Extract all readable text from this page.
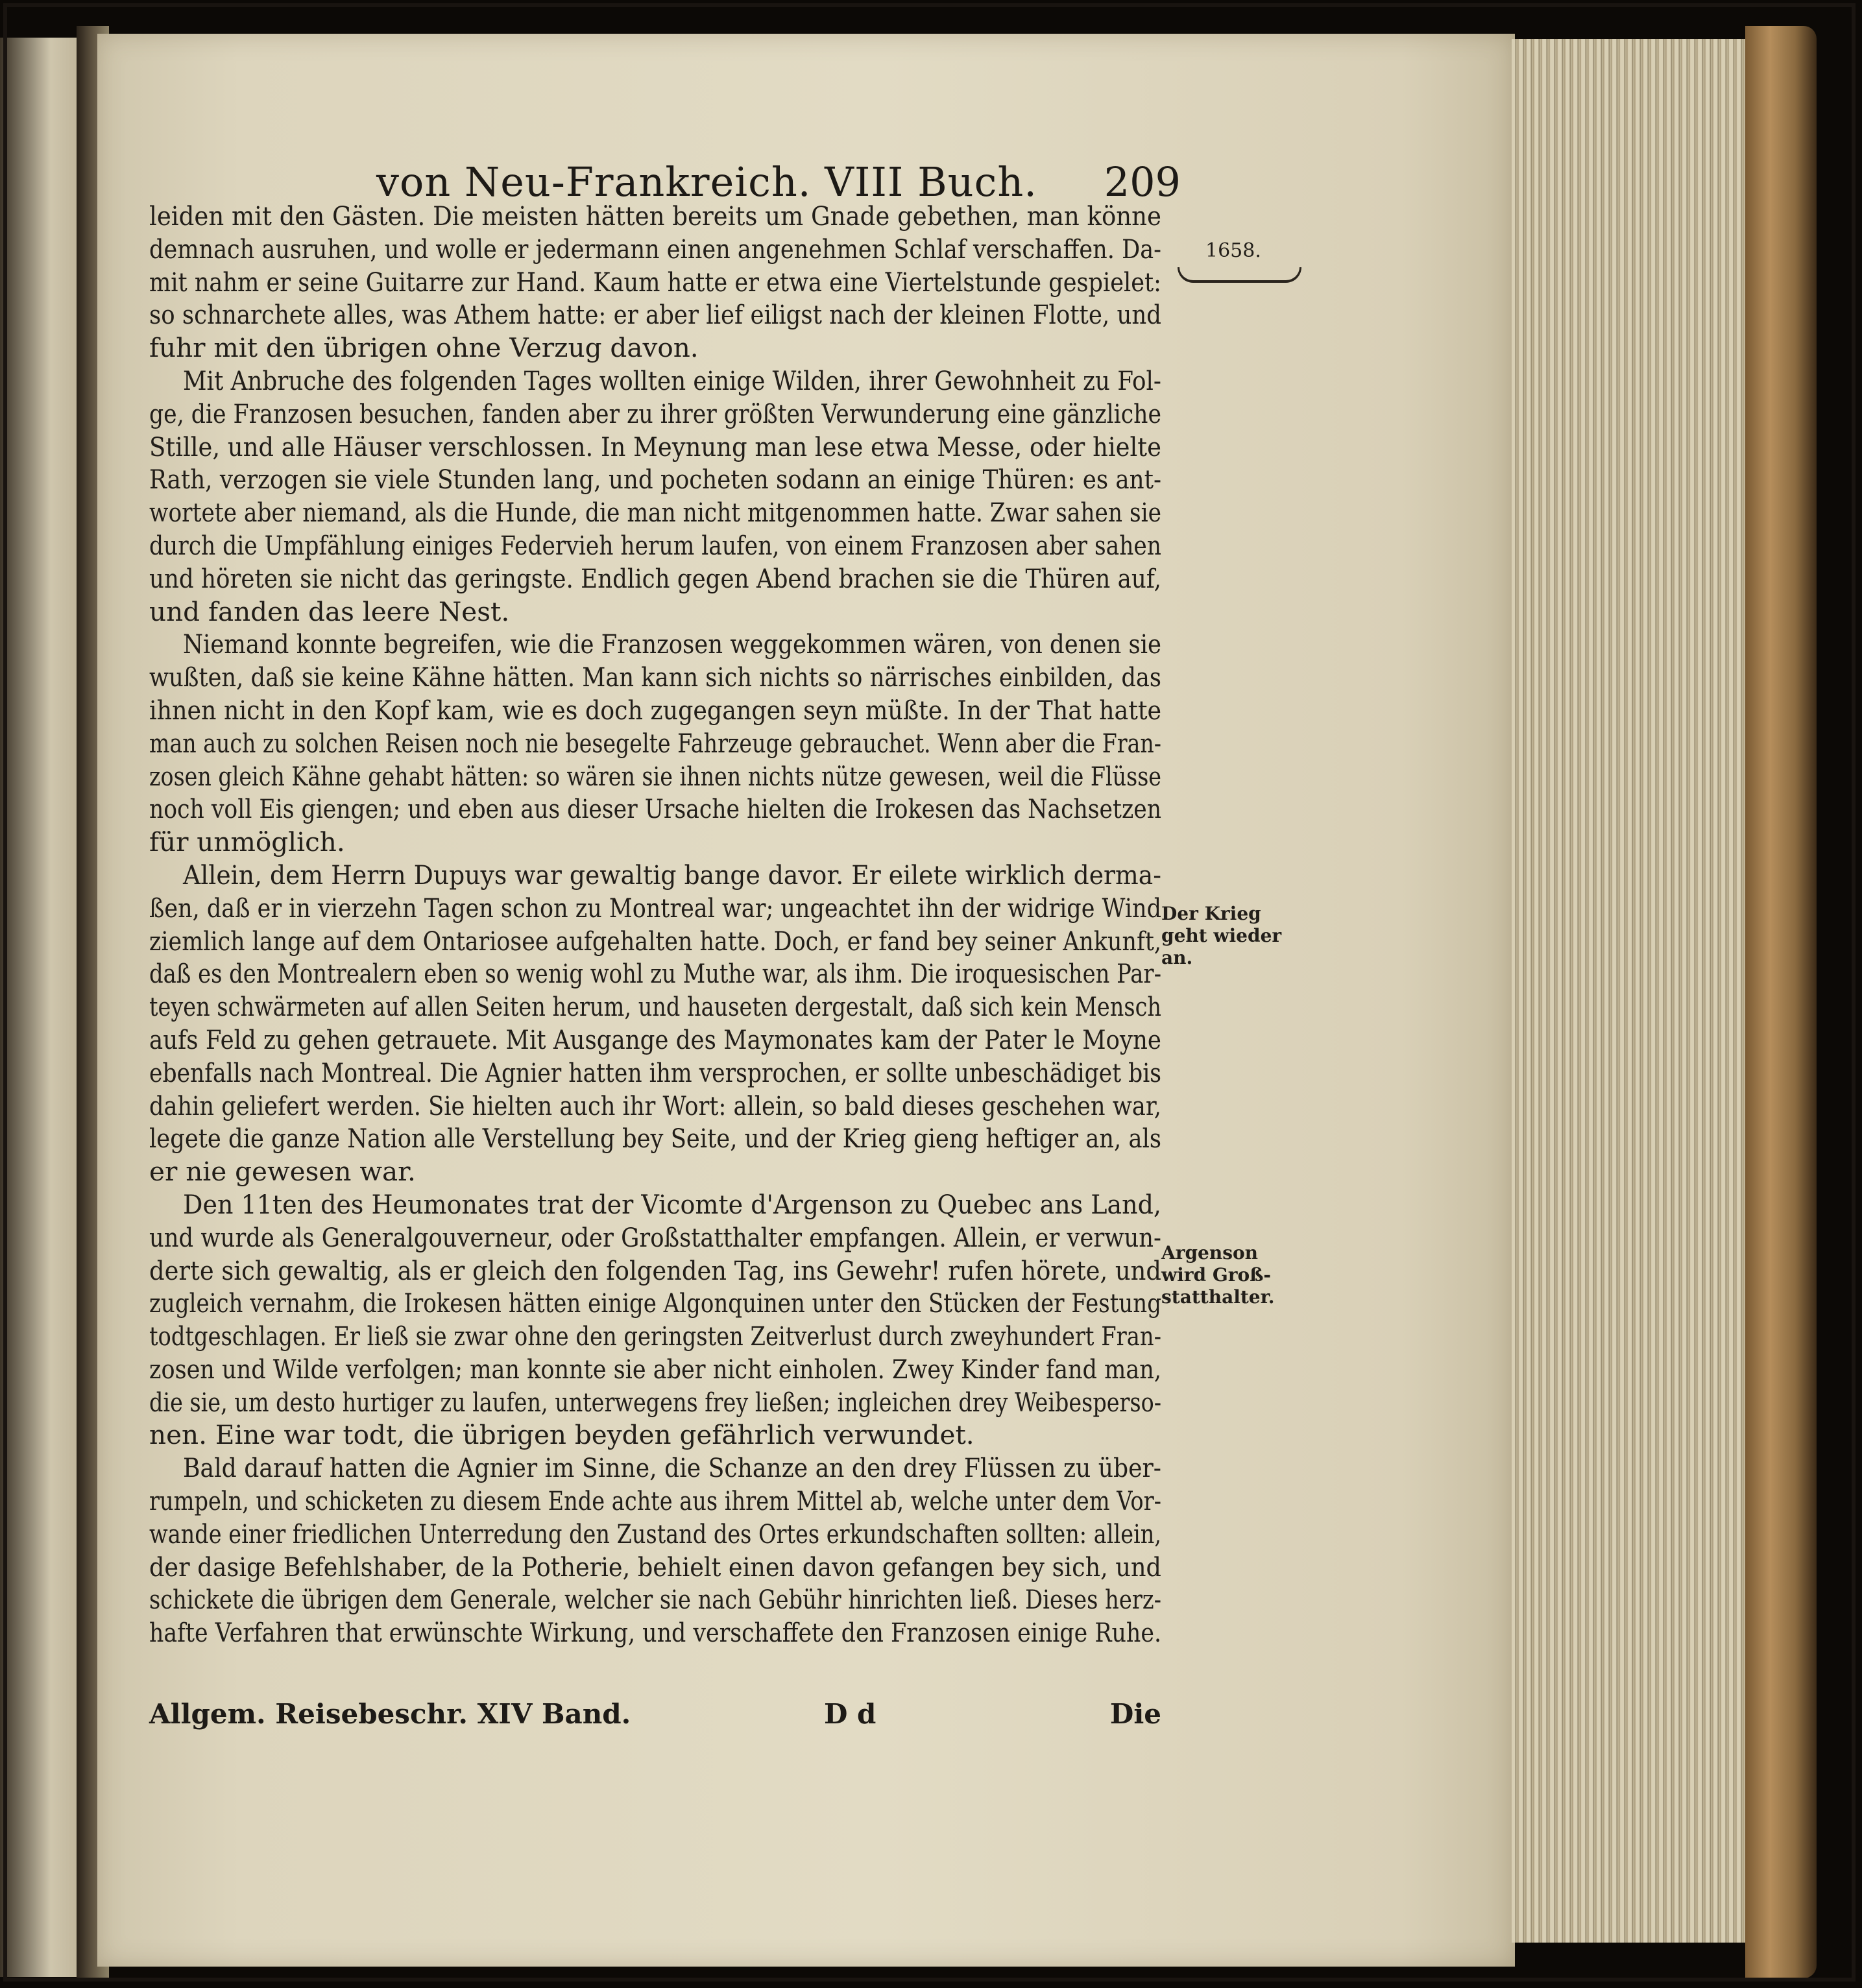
von Neu-Frankreich. VIII Buch. 209
leiden mit den Gästen. Die meisten hätten bereits um Gnade gebethen, man könne
demnach ausruhen, und wolle er jedermann einen angenehmen Schlaf verschaffen. Da-
mit nahm er seine Guitarre zur Hand. Kaum hatte er etwa eine Viertelstunde gespielet:
so schnarchete alles, was Athem hatte: er aber lief eiligst nach der kleinen Flotte, und
fuhr mit den übrigen ohne Verzug davon.
Mit Anbruche des folgenden Tages wollten einige Wilden, ihrer Gewohnheit zu Fol-
ge, die Franzosen besuchen, fanden aber zu ihrer größten Verwunderung eine gänzliche
Stille, und alle Häuser verschlossen. In Meynung man lese etwa Messe, oder hielte
Rath, verzogen sie viele Stunden lang, und pocheten sodann an einige Thüren: es ant-
wortete aber niemand, als die Hunde, die man nicht mitgenommen hatte. Zwar sahen sie
durch die Umpfählung einiges Federvieh herum laufen, von einem Franzosen aber sahen
und höreten sie nicht das geringste. Endlich gegen Abend brachen sie die Thüren auf,
und fanden das leere Nest.
Niemand konnte begreifen, wie die Franzosen weggekommen wären, von denen sie
wußten, daß sie keine Kähne hätten. Man kann sich nichts so närrisches einbilden, das
ihnen nicht in den Kopf kam, wie es doch zugegangen seyn müßte. In der That hatte
man auch zu solchen Reisen noch nie besegelte Fahrzeuge gebrauchet. Wenn aber die Fran-
zosen gleich Kähne gehabt hätten: so wären sie ihnen nichts nütze gewesen, weil die Flüsse
noch voll Eis giengen; und eben aus dieser Ursache hielten die Irokesen das Nachsetzen
für unmöglich.
Allein, dem Herrn Dupuys war gewaltig bange davor. Er eilete wirklich derma-
ßen, daß er in vierzehn Tagen schon zu Montreal war; ungeachtet ihn der widrige Wind
ziemlich lange auf dem Ontariosee aufgehalten hatte. Doch, er fand bey seiner Ankunft,
daß es den Montrealern eben so wenig wohl zu Muthe war, als ihm. Die iroquesischen Par-
teyen schwärmeten auf allen Seiten herum, und hauseten dergestalt, daß sich kein Mensch
aufs Feld zu gehen getrauete. Mit Ausgange des Maymonates kam der Pater le Moyne
ebenfalls nach Montreal. Die Agnier hatten ihm versprochen, er sollte unbeschädiget bis
dahin geliefert werden. Sie hielten auch ihr Wort: allein, so bald dieses geschehen war,
legete die ganze Nation alle Verstellung bey Seite, und der Krieg gieng heftiger an, als
er nie gewesen war.
Den 11ten des Heumonates trat der Vicomte d'Argenson zu Quebec ans Land,
und wurde als Generalgouverneur, oder Großstatthalter empfangen. Allein, er verwun-
derte sich gewaltig, als er gleich den folgenden Tag, ins Gewehr! rufen hörete, und
zugleich vernahm, die Irokesen hätten einige Algonquinen unter den Stücken der Festung
todtgeschlagen. Er ließ sie zwar ohne den geringsten Zeitverlust durch zweyhundert Fran-
zosen und Wilde verfolgen; man konnte sie aber nicht einholen. Zwey Kinder fand man,
die sie, um desto hurtiger zu laufen, unterwegens frey ließen; ingleichen drey Weibesperso-
nen. Eine war todt, die übrigen beyden gefährlich verwundet.
Bald darauf hatten die Agnier im Sinne, die Schanze an den drey Flüssen zu über-
rumpeln, und schicketen zu diesem Ende achte aus ihrem Mittel ab, welche unter dem Vor-
wande einer friedlichen Unterredung den Zustand des Ortes erkundschaften sollten: allein,
der dasige Befehlshaber, de la Potherie, behielt einen davon gefangen bey sich, und
schickete die übrigen dem Generale, welcher sie nach Gebühr hinrichten ließ. Dieses herz-
hafte Verfahren that erwünschte Wirkung, und verschaffete den Franzosen einige Ruhe.
1658.
Der Krieg
geht wieder
an.
Argenson
wird Groß-
statthalter.
Allgem. Reisebeschr. XIV Band.	D d	Die
